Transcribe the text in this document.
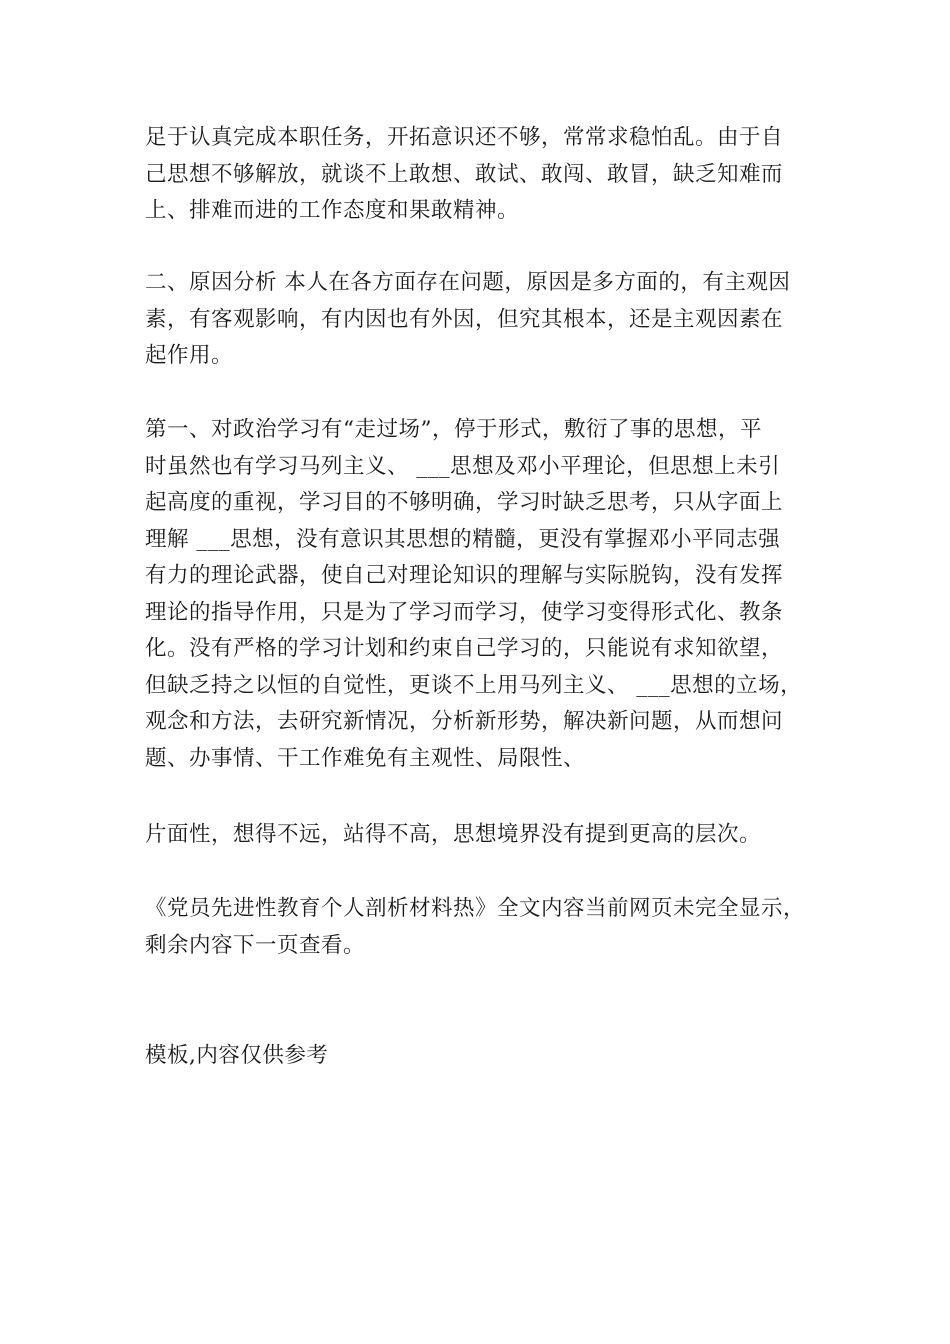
足于认真完成本职任务，开拓意识还不够，常常求稳怕乱。由于自
己思想不够解放，就谈不上敢想、敢试、敢闯、敢冒，缺乏知难而
上、排难而进的工作态度和果敢精神。

二、原因分析 本人在各方面存在问题，原因是多方面的，有主观因
素，有客观影响，有内因也有外因，但究其根本，还是主观因素在
起作用。

第一、对政治学习有“走过场”，停于形式，敷衍了事的思想，平
时虽然也有学习马列主义、 ___思想及邓小平理论，但思想上未引
起高度的重视，学习目的不够明确，学习时缺乏思考，只从字面上
理解 ___思想，没有意识其思想的精髓，更没有掌握邓小平同志强
有力的理论武器，使自己对理论知识的理解与实际脱钩，没有发挥
理论的指导作用，只是为了学习而学习，使学习变得形式化、教条
化。没有严格的学习计划和约束自己学习的，只能说有求知欲望，
但缺乏持之以恒的自觉性，更谈不上用马列主义、 ___思想的立场，
观念和方法，去研究新情况，分析新形势，解决新问题，从而想问
题、办事情、干工作难免有主观性、局限性、

片面性，想得不远，站得不高，思想境界没有提到更高的层次。

《党员先进性教育个人剖析材料热》全文内容当前网页未完全显示，
剩余内容下一页查看。

模板,内容仅供参考
